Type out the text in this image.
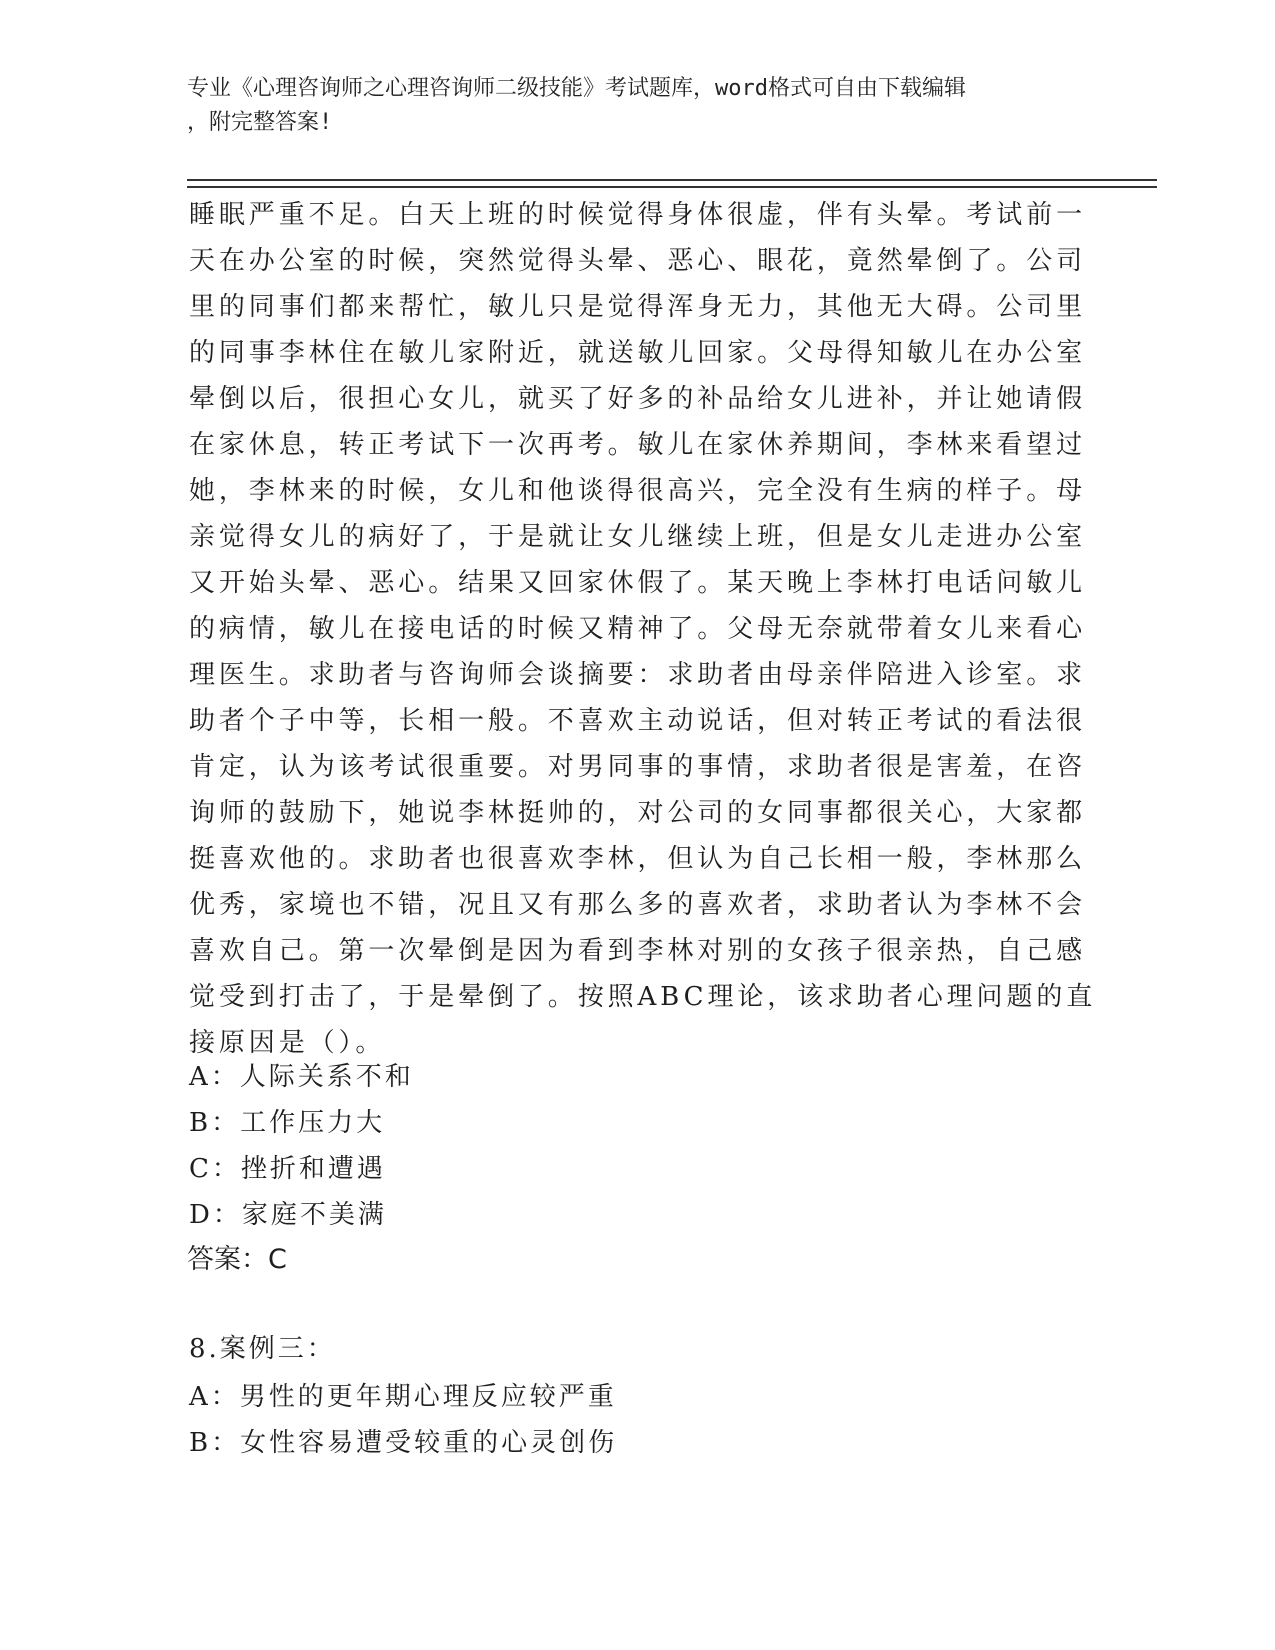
专业《心理咨询师之心理咨询师二级技能》考试题库，word格式可自由下载编辑

，附完整答案!

睡眠严重不足。白天上班的时候觉得身体很虚，伴有头晕。考试前一

天在办公室的时候，突然觉得头晕、恶心、眼花，竟然晕倒了。公司

里的同事们都来帮忙，敏儿只是觉得浑身无力，其他无大碍。公司里

的同事李林住在敏儿家附近，就送敏儿回家。父母得知敏儿在办公室

晕倒以后，很担心女儿，就买了好多的补品给女儿进补，并让她请假

在家休息，转正考试下一次再考。敏儿在家休养期间，李林来看望过

她，李林来的时候，女儿和他谈得很高兴，完全没有生病的样子。母

亲觉得女儿的病好了，于是就让女儿继续上班，但是女儿走进办公室

又开始头晕、恶心。结果又回家休假了。某天晚上李林打电话问敏儿

的病情，敏儿在接电话的时候又精神了。父母无奈就带着女儿来看心

理医生。求助者与咨询师会谈摘要：求助者由母亲伴陪进入诊室。求

助者个子中等，长相一般。不喜欢主动说话，但对转正考试的看法很

肯定，认为该考试很重要。对男同事的事情，求助者很是害羞，在咨

询师的鼓励下，她说李林挺帅的，对公司的女同事都很关心，大家都

挺喜欢他的。求助者也很喜欢李林，但认为自己长相一般，李林那么

优秀，家境也不错，况且又有那么多的喜欢者，求助者认为李林不会

喜欢自己。第一次晕倒是因为看到李林对别的女孩子很亲热，自己感

觉受到打击了，于是晕倒了。按照ABC理论，该求助者心理问题的直

接原因是（）。

A：人际关系不和

B：工作压力大

C：挫折和遭遇

D：家庭不美满

答案：C
8.案例三：

A：男性的更年期心理反应较严重

B：女性容易遭受较重的心灵创伤
